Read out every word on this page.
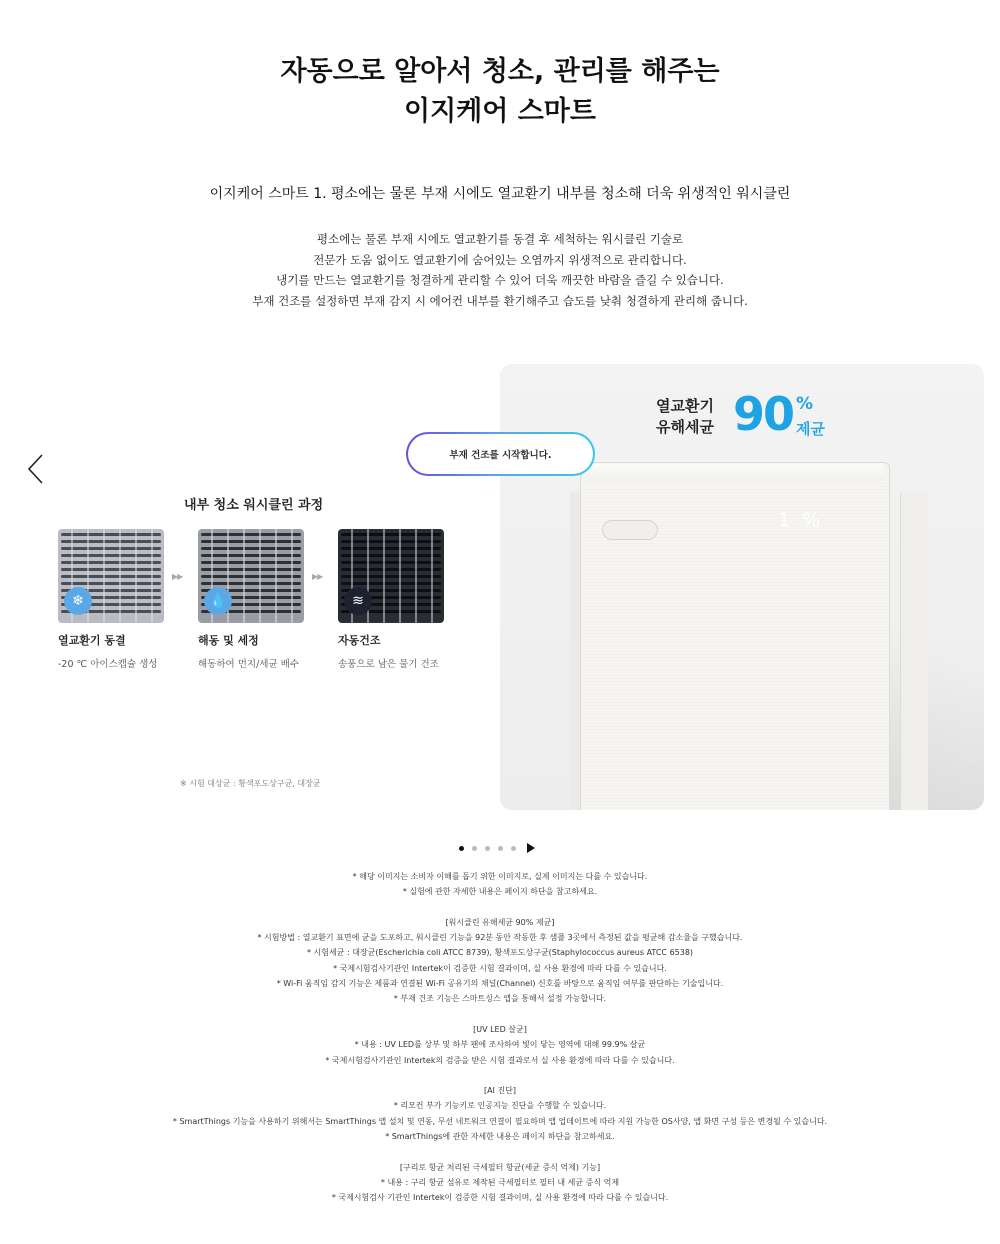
자동으로 알아서 청소, 관리를 해주는
이지케어 스마트
이지케어 스마트 1. 평소에는 물론 부재 시에도 열교환기 내부를 청소해 더욱 위생적인 워시클린
평소에는 물론 부재 시에도 열교환기를 동결 후 세척하는 워시클린 기술로
전문가 도움 없이도 열교환기에 숨어있는 오염까지 위생적으로 관리합니다.
냉기를 만드는 열교환기를 청결하게 관리할 수 있어 더욱 깨끗한 바람을 즐길 수 있습니다.
부재 건조를 설정하면 부재 감지 시 에어컨 내부를 환기해주고 습도를 낮춰 청결하게 관리해 줍니다.
내부 청소 워시클린 과정
❄
열교환기 동결
-20 ℃ 아이스캡슐 생성
▶▶
💧
해동 및 세정
해동하여 먼지/세균 배수
▶▶
≋
자동건조
송풍으로 남은 물기 건조
※ 시험 대상균 : 황색포도상구균, 대장균
1 %
열교환기
유해세균 90 %
제균
부재 건조를 시작합니다.
* 해당 이미지는 소비자 이해를 돕기 위한 이미지로, 실제 이미지는 다를 수 있습니다.
* 실험에 관한 자세한 내용은 페이지 하단을 참고하세요.
[워시클린 유해세균 90% 제균]
* 시험방법 : 열교환기 표면에 균을 도포하고, 워시클린 기능을 92분 동안 작동한 후 샘플 3곳에서 측정된 값을 평균해 감소율을 구했습니다.
* 시험세균 : 대장균(Escherichia coli ATCC 8739), 황색포도상구균(Staphylococcus aureus ATCC 6538)
* 국제시험검사기관인 Intertek이 검증한 시험 결과이며, 실 사용 환경에 따라 다를 수 있습니다.
* Wi-Fi 움직임 감지 기능은 제품과 연결된 Wi-Fi 공유기의 채널(Channel) 신호를 바탕으로 움직임 여부를 판단하는 기술입니다.
* 부재 건조 기능은 스마트싱스 앱을 통해서 설정 가능합니다.
[UV LED 살균]
* 내용 : UV LED를 상부 및 하부 팬에 조사하여 빛이 닿는 영역에 대해 99.9% 살균
* 국제시험검사기관인 Intertek의 검증을 받은 시험 결과로서 실 사용 환경에 따라 다를 수 있습니다.
[AI 진단]
* 리모컨 부가 기능키로 인공지능 진단을 수행할 수 있습니다.
* SmartThings 기능을 사용하기 위해서는 SmartThings 앱 설치 및 연동, 무선 네트워크 연결이 필요하며 앱 업데이트에 따라 지원 가능한 OS사양, 앱 화면 구성 등은 변경될 수 있습니다.
* SmartThings에 관한 자세한 내용은 페이지 하단을 참고하세요.
[구리로 항균 처리된 극세필터 항균(세균 증식 억제) 기능]
* 내용 : 구리 항균 섬유로 제작된 극세필터로 필터 내 세균 증식 억제
* 국제시험검사 기관인 Intertek이 검증한 시험 결과이며, 실 사용 환경에 따라 다를 수 있습니다.
